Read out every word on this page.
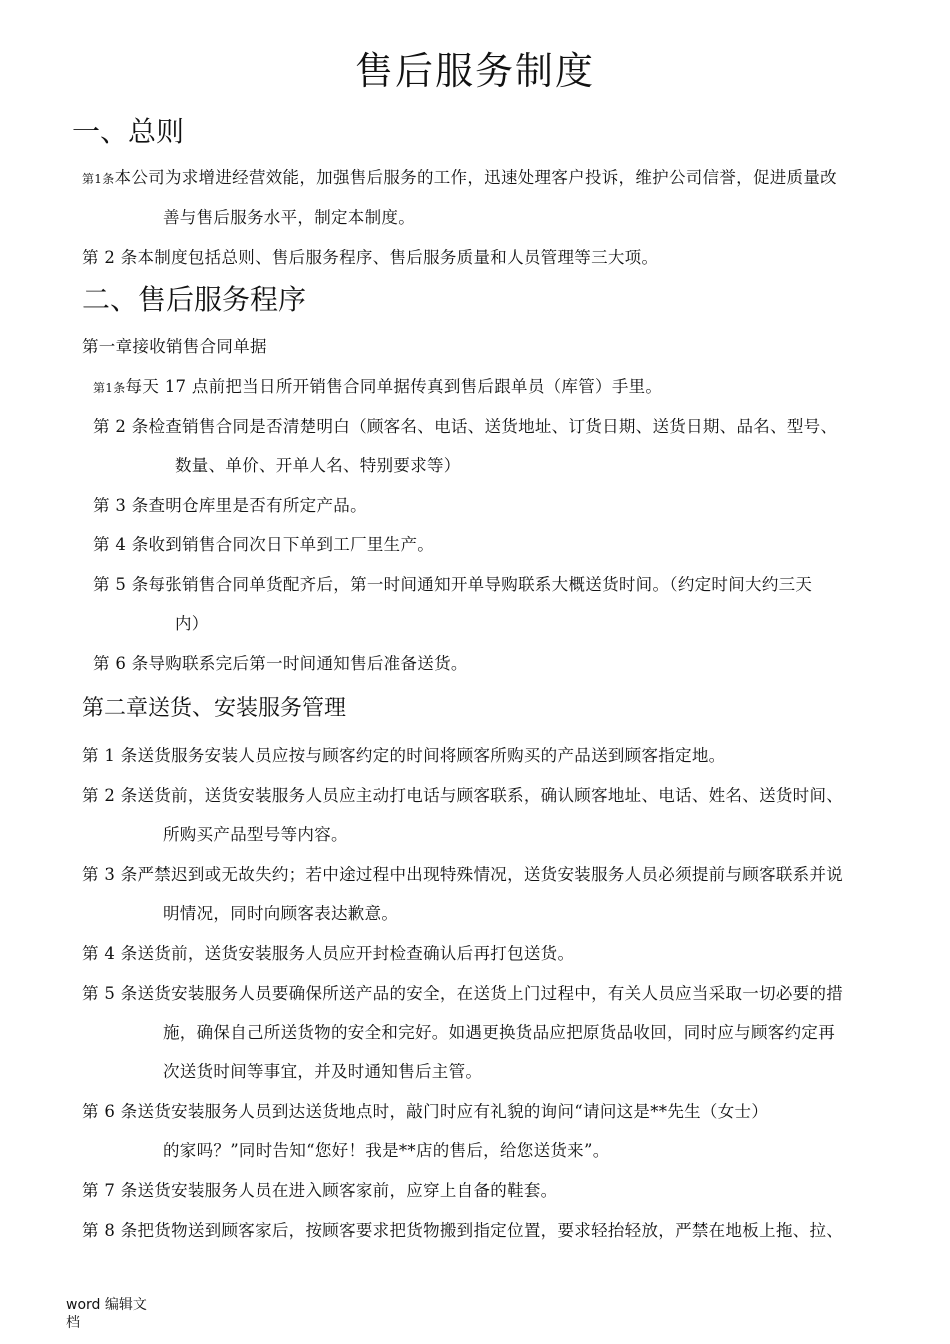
售后服务制度
一、总则
第1条本公司为求增进经营效能，加强售后服务的工作，迅速处理客户投诉，维护公司信誉，促进质量改
善与售后服务水平，制定本制度。
第 2 条本制度包括总则、售后服务程序、售后服务质量和人员管理等三大项。
二、售后服务程序
第一章接收销售合同单据
第1条每天 17 点前把当日所开销售合同单据传真到售后跟单员（库管）手里。
第 2 条检查销售合同是否清楚明白（顾客名、电话、送货地址、订货日期、送货日期、品名、型号、
数量、单价、开单人名、特别要求等）
第 3 条查明仓库里是否有所定产品。
第 4 条收到销售合同次日下单到工厂里生产。
第 5 条每张销售合同单货配齐后，第一时间通知开单导购联系大概送货时间。（约定时间大约三天
内）
第 6 条导购联系完后第一时间通知售后准备送货。
第二章送货、安装服务管理
第 1 条送货服务安装人员应按与顾客约定的时间将顾客所购买的产品送到顾客指定地。
第 2 条送货前，送货安装服务人员应主动打电话与顾客联系，确认顾客地址、电话、姓名、送货时间、
所购买产品型号等内容。
第 3 条严禁迟到或无故失约；若中途过程中出现特殊情况，送货安装服务人员必须提前与顾客联系并说
明情况，同时向顾客表达歉意。
第 4 条送货前，送货安装服务人员应开封检查确认后再打包送货。
第 5 条送货安装服务人员要确保所送产品的安全，在送货上门过程中，有关人员应当采取一切必要的措
施，确保自己所送货物的安全和完好。如遇更换货品应把原货品收回，同时应与顾客约定再
次送货时间等事宜，并及时通知售后主管。
第 6 条送货安装服务人员到达送货地点时，敲门时应有礼貌的询问“请问这是**先生（女士）
的家吗？”同时告知“您好！我是**店的售后，给您送货来”。
第 7 条送货安装服务人员在进入顾客家前，应穿上自备的鞋套。
第 8 条把货物送到顾客家后，按顾客要求把货物搬到指定位置，要求轻抬轻放，严禁在地板上拖、拉、
word 编辑文档
